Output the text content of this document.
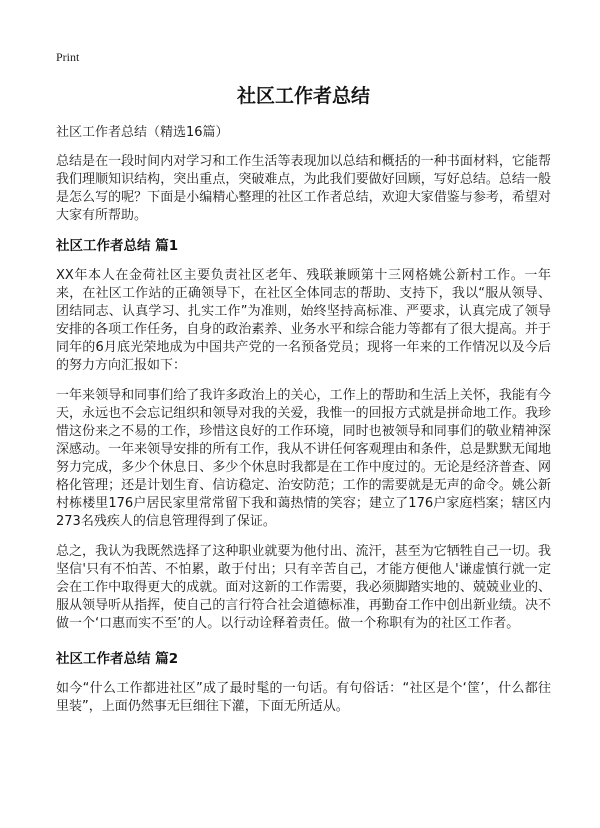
Print
社区工作者总结
社区工作者总结（精选16篇）
总结是在一段时间内对学习和工作生活等表现加以总结和概括的一种书面材料，它能帮我们理顺知识结构，突出重点，突破难点，为此我们要做好回顾，写好总结。总结一般是怎么写的呢？下面是小编精心整理的社区工作者总结，欢迎大家借鉴与参考，希望对大家有所帮助。
社区工作者总结 篇1
XX年本人在金荷社区主要负责社区老年、残联兼顾第十三网格姚公新村工作。一年来，在社区工作站的正确领导下，在社区全体同志的帮助、支持下，我以“服从领导、团结同志、认真学习、扎实工作”为准则，始终坚持高标准、严要求，认真完成了领导安排的各项工作任务，自身的政治素养、业务水平和综合能力等都有了很大提高。并于同年的6月底光荣地成为中国共产党的一名预备党员；现将一年来的工作情况以及今后的努力方向汇报如下：
一年来领导和同事们给了我许多政治上的关心，工作上的帮助和生活上关怀，我能有今天，永远也不会忘记组织和领导对我的关爱，我惟一的回报方式就是拼命地工作。我珍惜这份来之不易的工作，珍惜这良好的工作环境，同时也被领导和同事们的敬业精神深深感动。一年来领导安排的所有工作，我从不讲任何客观理由和条件，总是默默无闻地努力完成，多少个休息日、多少个休息时我都是在工作中度过的。无论是经济普查、网格化管理；还是计划生育、信访稳定、治安防范；工作的需要就是无声的命令。姚公新村栋楼里176户居民家里常常留下我和蔼热情的笑容；建立了176户家庭档案；辖区内273名残疾人的信息管理得到了保证。
总之，我认为我既然选择了这种职业就要为他付出、流汗，甚至为它牺牲自己一切。我坚信'只有不怕苦、不怕累，敢于付出；只有辛苦自己，才能方便他人'谦虚慎行就一定会在工作中取得更大的成就。面对这新的工作需要，我必须脚踏实地的、兢兢业业的、服从领导听从指挥，使自己的言行符合社会道德标准，再勤奋工作中创出新业绩。决不做一个‘口惠而实不至’的人。以行动诠释着责任。做一个称职有为的社区工作者。
社区工作者总结 篇2
如今“什么工作都进社区”成了最时髦的一句话。有句俗话：“社区是个‘筐’，什么都往里装”，上面仍然事无巨细往下灌，下面无所适从。
